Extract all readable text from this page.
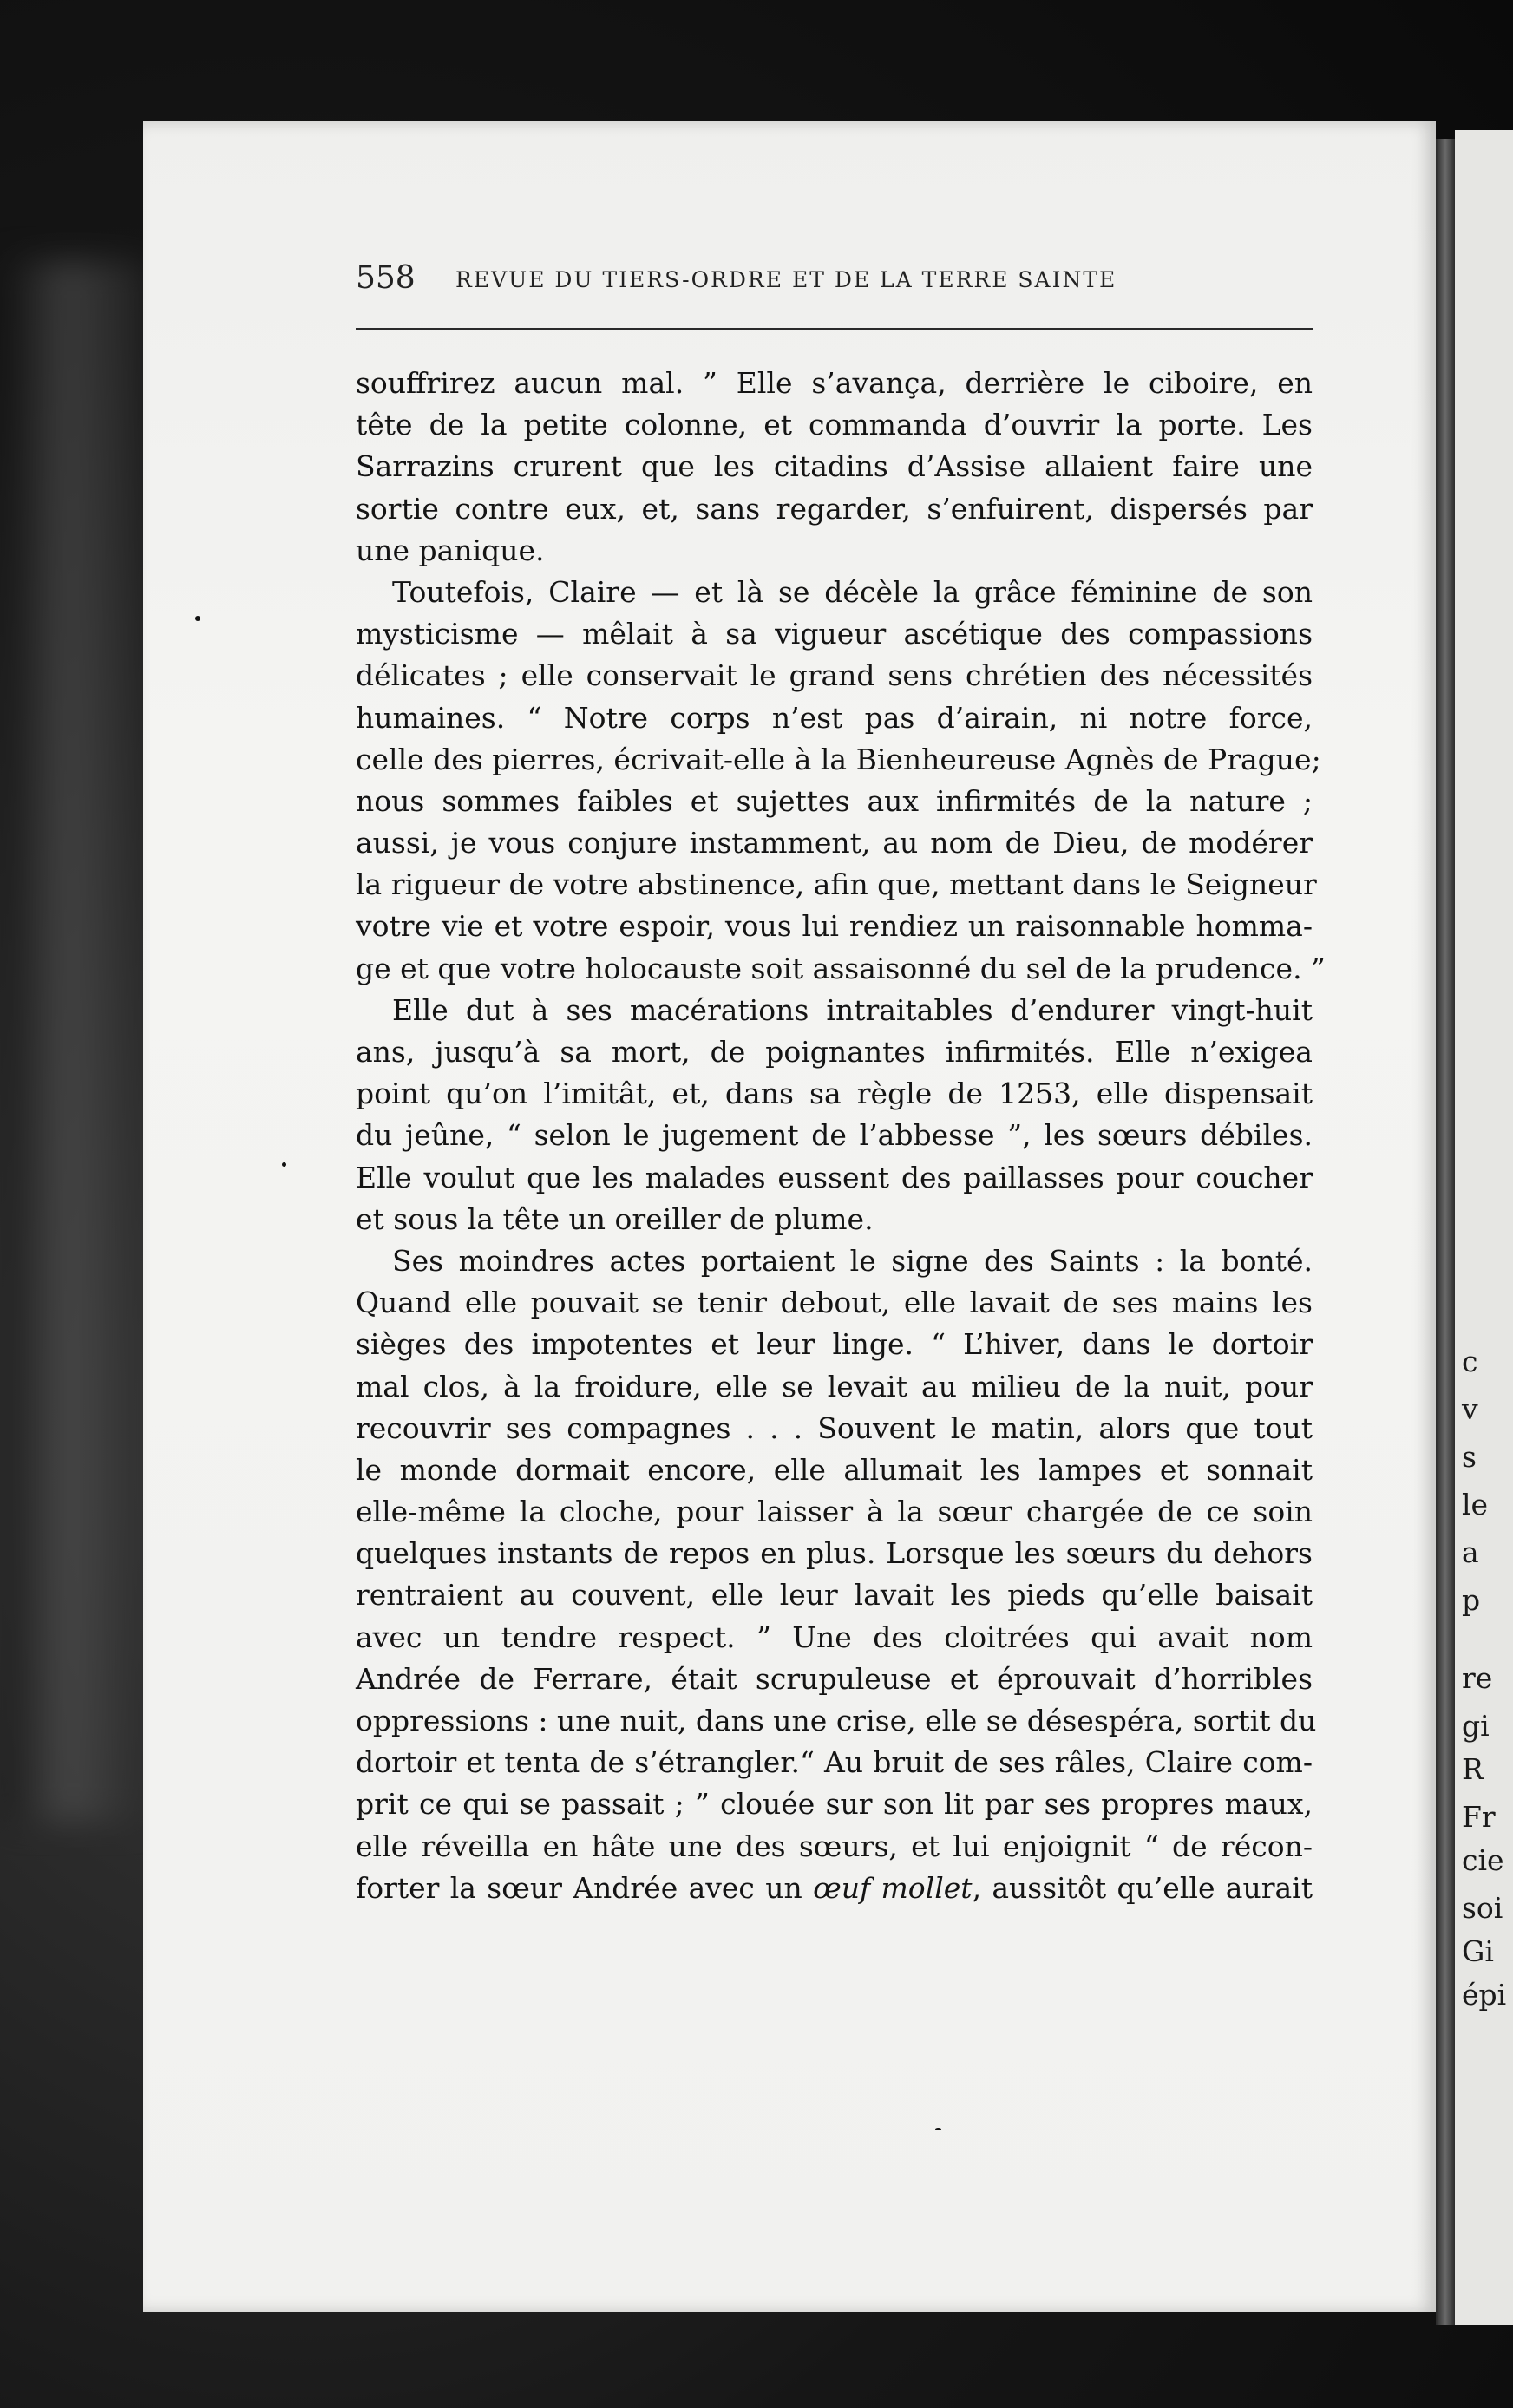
c
v
s
le
a
p
re
gi
R
Fr
cie
soi
Gi
épi
558 REVUE DU TIERS-ORDRE ET DE LA TERRE SAINTE
souffrirez aucun mal. ” Elle s’avança, derrière le ciboire, en
tête de la petite colonne, et commanda d’ouvrir la porte. Les
Sarrazins crurent que les citadins d’Assise allaient faire une
sortie contre eux, et, sans regarder, s’enfuirent, dispersés par
une panique.
Toutefois, Claire — et là se décèle la grâce féminine de son
mysticisme — mêlait à sa vigueur ascétique des compassions
délicates ; elle conservait le grand sens chrétien des nécessités
humaines. “ Notre corps n’est pas d’airain, ni notre force,
celle des pierres, écrivait-elle à la Bienheureuse Agnès de Prague;
nous sommes faibles et sujettes aux infirmités de la nature ;
aussi, je vous conjure instamment, au nom de Dieu, de modérer
la rigueur de votre abstinence, afin que, mettant dans le Seigneur
votre vie et votre espoir, vous lui rendiez un raisonnable homma-
ge et que votre holocauste soit assaisonné du sel de la prudence. ”
Elle dut à ses macérations intraitables d’endurer vingt-huit
ans, jusqu’à sa mort, de poignantes infirmités. Elle n’exigea
point qu’on l’imitât, et, dans sa règle de 1253, elle dispensait
du jeûne, “ selon le jugement de l’abbesse ”, les sœurs débiles.
Elle voulut que les malades eussent des paillasses pour coucher
et sous la tête un oreiller de plume.
Ses moindres actes portaient le signe des Saints : la bonté.
Quand elle pouvait se tenir debout, elle lavait de ses mains les
sièges des impotentes et leur linge. “ L’hiver, dans le dortoir
mal clos, à la froidure, elle se levait au milieu de la nuit, pour
recouvrir ses compagnes . . . Souvent le matin, alors que tout
le monde dormait encore, elle allumait les lampes et sonnait
elle-même la cloche, pour laisser à la sœur chargée de ce soin
quelques instants de repos en plus. Lorsque les sœurs du dehors
rentraient au couvent, elle leur lavait les pieds qu’elle baisait
avec un tendre respect. ” Une des cloitrées qui avait nom
Andrée de Ferrare, était scrupuleuse et éprouvait d’horribles
oppressions : une nuit, dans une crise, elle se désespéra, sortit du
dortoir et tenta de s’étrangler.“ Au bruit de ses râles, Claire com-
prit ce qui se passait ; ” clouée sur son lit par ses propres maux,
elle réveilla en hâte une des sœurs, et lui enjoignit “ de récon-
forter la sœur Andrée avec un œuf mollet, aussitôt qu’elle aurait
